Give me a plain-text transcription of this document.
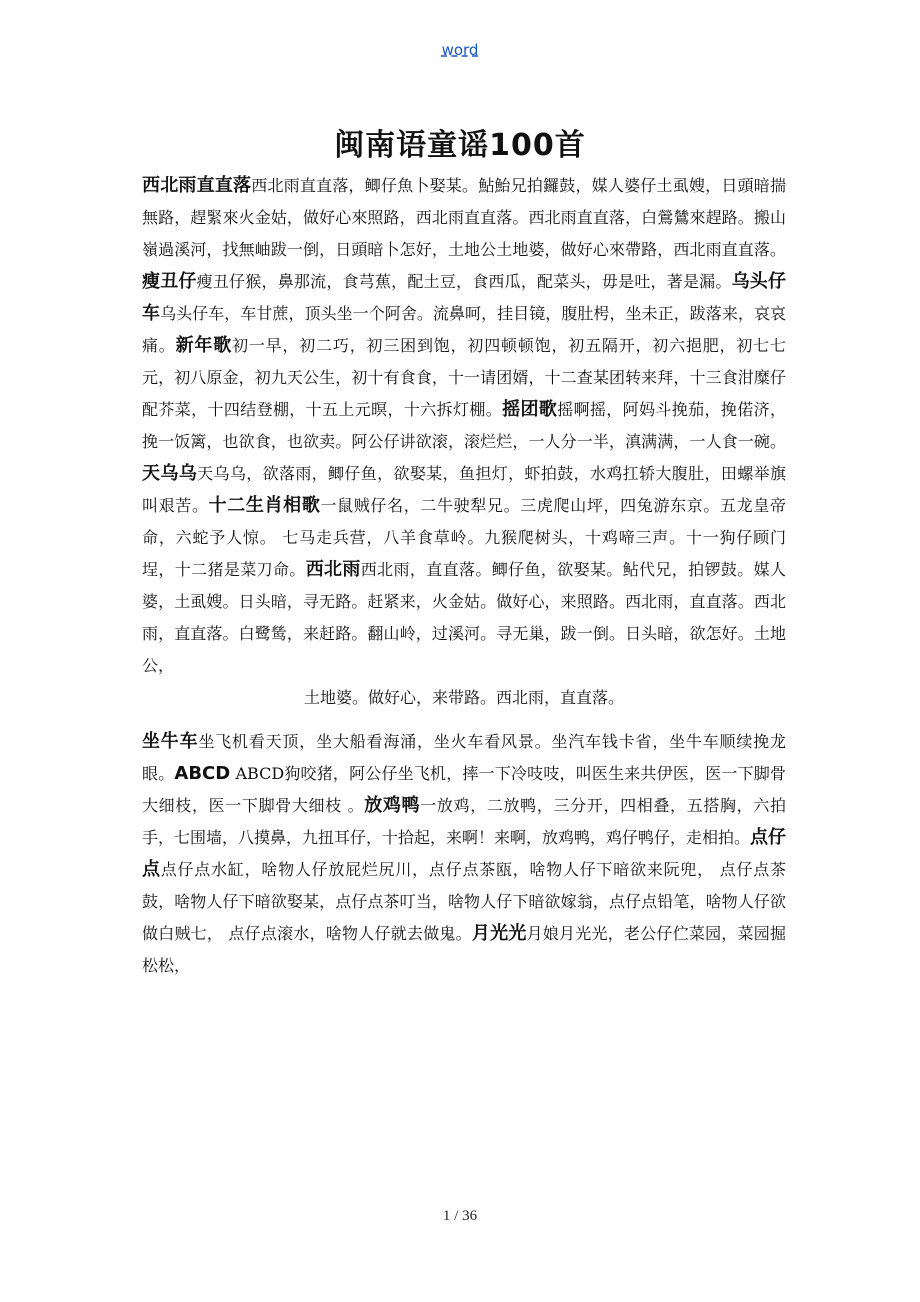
word
闽南语童谣100首

西北雨直直落西北雨直直落，鲫仔魚卜娶某。鮎鮐兄拍鑼鼓，媒人婆仔土虱嫂，日頭暗揣無路，趕緊來火金姑，做好心來照路，西北雨直直落。西北雨直直落，白鶯鷥來趕路。搬山嶺過溪河，找無岫跋一倒，日頭暗卜怎好，土地公土地婆，做好心來帶路，西北雨直直落。瘦丑仔瘦丑仔猴，鼻那流，食芎蕉，配土豆，食西瓜，配菜头，毋是吐，著是漏。乌头仔车乌头仔车，车甘蔗，顶头坐一个阿舍。流鼻呵，挂目镜，腹肚枵，坐未正，跋落来，哀哀痛。新年歌初一早，初二巧，初三困到饱，初四顿顿饱，初五隔开，初六挹肥，初七七元，初八原金，初九天公生，初十有食食，十一请团婿，十二查某团转来拜，十三食泔糜仔配芥菜，十四结登棚，十五上元暝，十六拆灯棚。摇团歌摇啊摇，阿妈斗挽茄，挽偌济，挽一饭篱，也欲食，也欲卖。阿公仔讲欲滚，滚烂烂，一人分一半，滇满满，一人食一碗。天乌乌天乌乌，欲落雨，鲫仔鱼，欲娶某，鱼担灯，虾拍鼓，水鸡扛轿大腹肚，田螺举旗叫艰苦。十二生肖相歌一鼠贼仔名，二牛驶犁兄。三虎爬山坪，四兔游东京。五龙皇帝命，六蛇予人惊。 七马走兵营，八羊食草岭。九猴爬树头，十鸡啼三声。十一狗仔顾门埕，十二猪是菜刀命。西北雨西北雨，直直落。鲫仔鱼，欲娶某。鲇代兄，拍锣鼓。媒人婆，土虱嫂。日头暗，寻无路。赶紧来，火金姑。做好心，来照路。西北雨，直直落。西北雨，直直落。白鹭鸶，来赶路。翻山岭，过溪河。寻无巢，跋一倒。日头暗，欲怎好。土地公，

土地婆。做好心，来带路。西北雨，直直落。

坐牛车坐飞机看天顶，坐大船看海涌，坐火车看风景。坐汽车钱卡省，坐牛车顺续挽龙眼。ABCD ABCD狗咬猪，阿公仔坐飞机，摔一下冷吱吱，叫医生来共伊医，医一下脚骨大细枝，医一下脚骨大细枝 。放鸡鸭一放鸡，二放鸭，三分开，四相叠，五搭胸，六拍手，七围墙，八摸鼻，九扭耳仔，十拾起，来啊！来啊，放鸡鸭，鸡仔鸭仔，走相拍。点仔点点仔点水缸，啥物人仔放屁烂尻川，点仔点茶瓯，啥物人仔下暗欲来阮兜， 点仔点茶鼓，啥物人仔下暗欲娶某，点仔点茶叮当，啥物人仔下暗欲嫁翁，点仔点铅笔，啥物人仔欲做白贼七， 点仔点滚水，啥物人仔就去做鬼。月光光月娘月光光，老公仔伫菜园，菜园掘松松，

1 / 36
